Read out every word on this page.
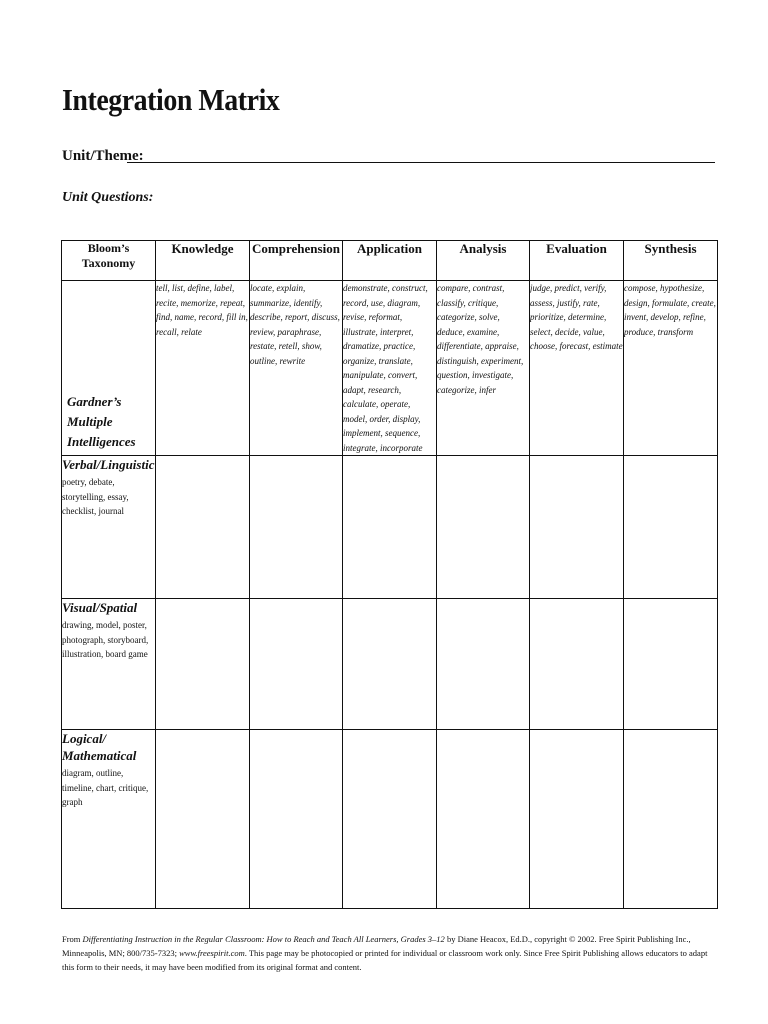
Integration Matrix
Unit/Theme:
Unit Questions:
Bloom’s Taxonomy	Knowledge	Comprehension	Application	Analysis	Evaluation	Synthesis

Gardner’s Multiple
Intelligences	tell, list, define, label, recite, memorize, repeat, find, name, record, fill in, recall, relate	locate, explain, summarize, identify, describe, report, discuss, review, paraphrase, restate, retell, show, outline, rewrite	demonstrate, construct, record, use, diagram, revise, reformat, illustrate, interpret, dramatize, practice, organize, translate, manipulate, convert, adapt, research, calculate, operate, model, order, display, implement, sequence, integrate, incorporate	compare, contrast, classify, critique, categorize, solve, deduce, examine, differentiate, appraise, distinguish, experiment, question, investigate, categorize, infer	judge, predict, verify, assess, justify, rate, prioritize, determine, select, decide, value, choose, forecast, estimate	compose, hypothesize, design, formulate, create, invent, develop, refine, produce, transform

Verbal/Linguistic
poetry, debate, storytelling, essay, checklist, journal						

Visual/Spatial
drawing, model, poster, photograph, storyboard, illustration, board game						

Logical/
Mathematical
diagram, outline, timeline, chart, critique, graph						

From Differentiating Instruction in the Regular Classroom: How to Reach and Teach All Learners, Grades 3–12 by Diane Heacox, Ed.D., copyright © 2002. Free Spirit Publishing Inc., Minneapolis, MN; 800/735-7323; www.freespirit.com. This page may be photocopied or printed for individual or classroom work only. Since Free Spirit Publishing allows educators to adapt this form to their needs, it may have been modified from its original format and content.
